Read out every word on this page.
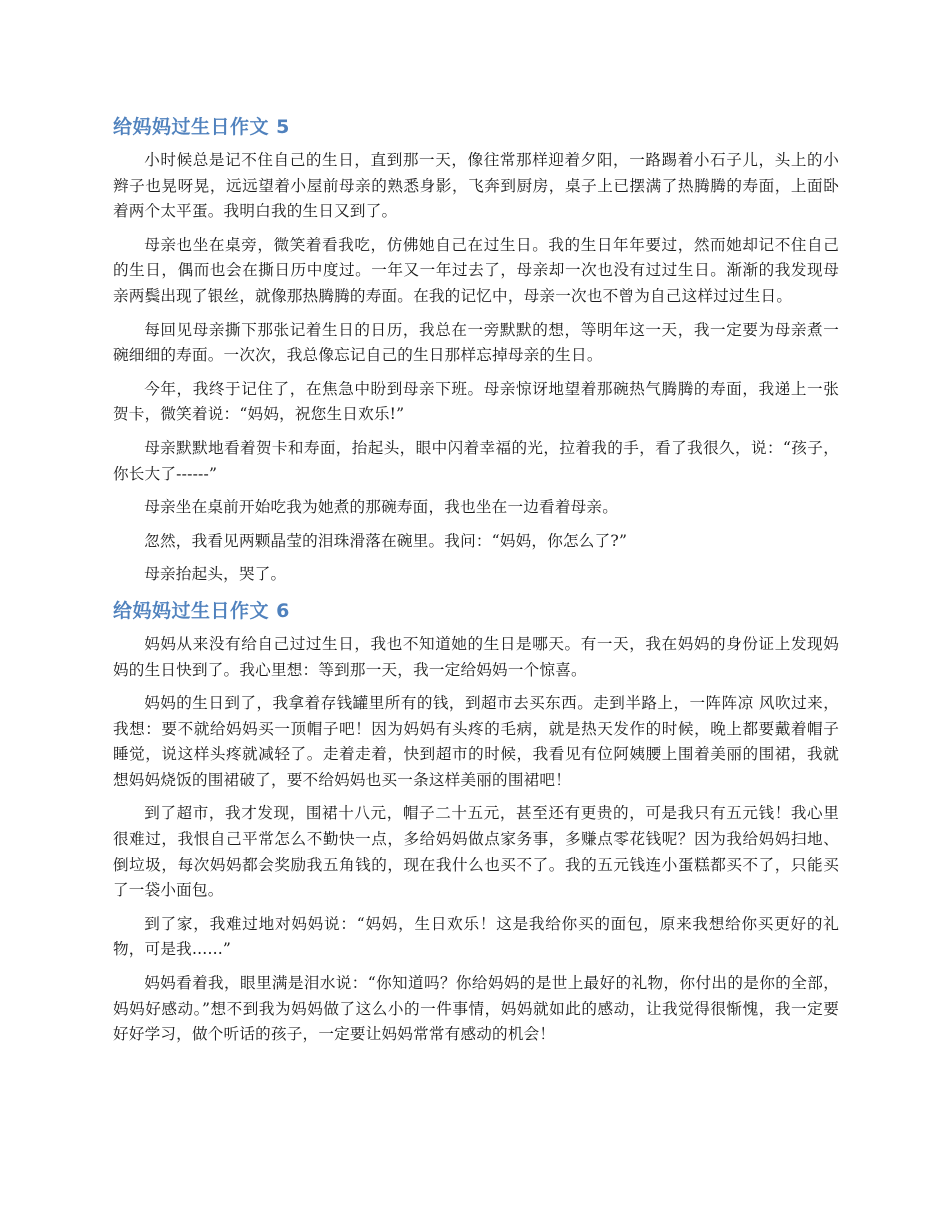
给妈妈过生日作文 5

小时候总是记不住自己的生日，直到那一天，像往常那样迎着夕阳，一路踢着小石子儿，头上的小辫子也晃呀晃，远远望着小屋前母亲的熟悉身影，飞奔到厨房，桌子上已摆满了热腾腾的寿面，上面卧着两个太平蛋。我明白我的生日又到了。

母亲也坐在桌旁，微笑着看我吃，仿佛她自己在过生日。我的生日年年要过，然而她却记不住自己的生日，偶而也会在撕日历中度过。一年又一年过去了，母亲却一次也没有过过生日。渐渐的我发现母亲两鬓出现了银丝，就像那热腾腾的寿面。在我的记忆中，母亲一次也不曾为自己这样过过生日。

每回见母亲撕下那张记着生日的日历，我总在一旁默默的想，等明年这一天，我一定要为母亲煮一碗细细的寿面。一次次，我总像忘记自己的生日那样忘掉母亲的生日。

今年，我终于记住了，在焦急中盼到母亲下班。母亲惊讶地望着那碗热气腾腾的寿面，我递上一张贺卡，微笑着说：“妈妈，祝您生日欢乐!”

母亲默默地看着贺卡和寿面，抬起头，眼中闪着幸福的光，拉着我的手，看了我很久，说：“孩子，你长大了------”

母亲坐在桌前开始吃我为她煮的那碗寿面，我也坐在一边看着母亲。

忽然，我看见两颗晶莹的泪珠滑落在碗里。我问：“妈妈，你怎么了?”

母亲抬起头，哭了。

给妈妈过生日作文 6

妈妈从来没有给自己过过生日，我也不知道她的生日是哪天。有一天，我在妈妈的身份证上发现妈妈的生日快到了。我心里想：等到那一天，我一定给妈妈一个惊喜。

妈妈的生日到了，我拿着存钱罐里所有的钱，到超市去买东西。走到半路上，一阵阵凉 风吹过来，我想：要不就给妈妈买一顶帽子吧！因为妈妈有头疼的毛病，就是热天发作的时候，晚上都要戴着帽子睡觉，说这样头疼就减轻了。走着走着，快到超市的时候，我看见有位阿姨腰上围着美丽的围裙，我就想妈妈烧饭的围裙破了，要不给妈妈也买一条这样美丽的围裙吧！

到了超市，我才发现，围裙十八元，帽子二十五元，甚至还有更贵的，可是我只有五元钱！我心里很难过，我恨自己平常怎么不勤快一点，多给妈妈做点家务事，多赚点零花钱呢？因为我给妈妈扫地、倒垃圾，每次妈妈都会奖励我五角钱的，现在我什么也买不了。我的五元钱连小蛋糕都买不了，只能买了一袋小面包。

到了家，我难过地对妈妈说：“妈妈，生日欢乐！这是我给你买的面包，原来我想给你买更好的礼物，可是我......”

妈妈看着我，眼里满是泪水说：“你知道吗？你给妈妈的是世上最好的礼物，你付出的是你的全部，妈妈好感动。”想不到我为妈妈做了这么小的一件事情，妈妈就如此的感动，让我觉得很惭愧，我一定要好好学习，做个听话的孩子，一定要让妈妈常常有感动的机会！
